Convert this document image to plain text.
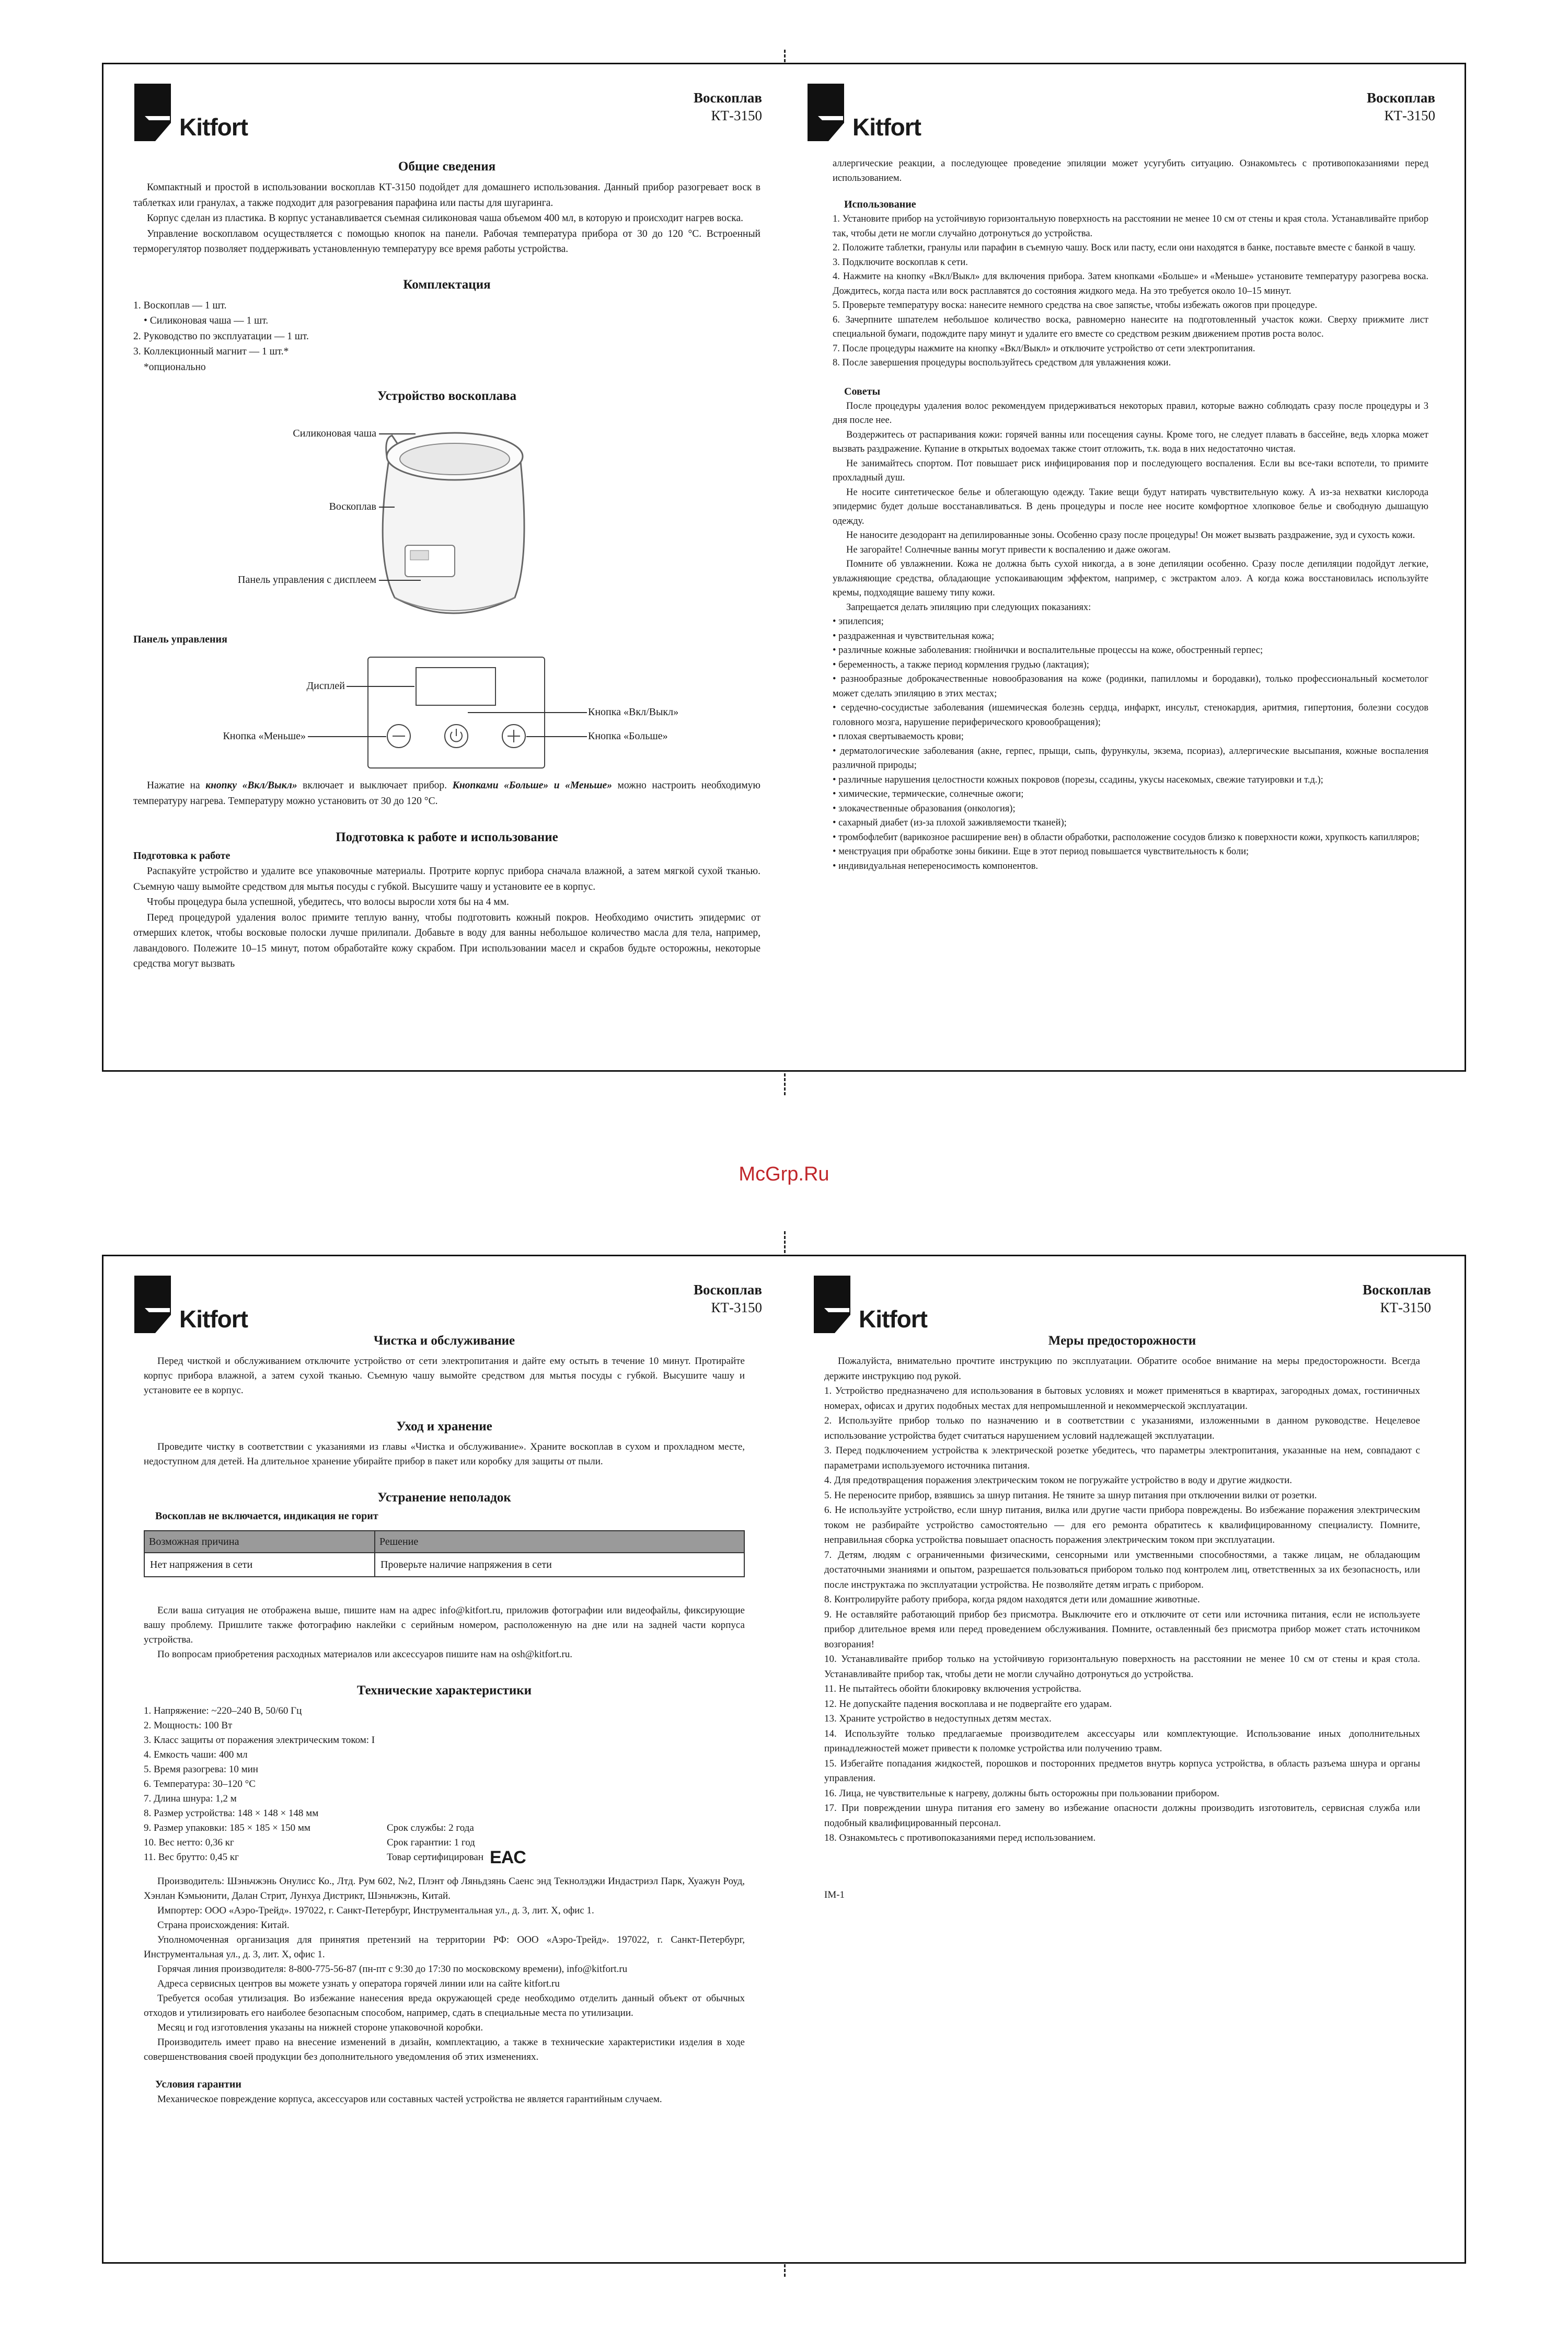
Kitfort
Воскоплав
КТ-3150
Общие сведения

Компактный и простой в использовании воскоплав КТ-3150 подойдет для домашнего использования. Данный прибор разогревает воск в таблетках или гранулах, а также подходит для разогревания парафина или пасты для шугаринга.

Корпус сделан из пластика. В корпус устанавливается съемная силиконовая чаша объемом 400 мл, в которую и происходит нагрев воска.

Управление воскоплавом осуществляется с помощью кнопок на панели. Рабочая температура прибора от 30 до 120 °С. Встроенный терморегулятор позволяет поддерживать установленную температуру все время работы устройства.

Комплектация
1. Воскоплав — 1 шт.
• Силиконовая чаша — 1 шт.
2. Руководство по эксплуатации — 1 шт.
3. Коллекционный магнит — 1 шт.*
*опционально
Устройство воскоплава
Силиконовая чаша
Воскоплав
Панель управления с дисплеем
Панель управления
Дисплей
Кнопка «Вкл/Выкл»
Кнопка «Меньше»	Кнопка «Больше»

Нажатие на кнопку «Вкл/Выкл» включает и выключает прибор. Кнопками «Больше» и «Меньше» можно настроить необходимую температуру нагрева. Температуру можно установить от 30 до 120 °С.

Подготовка к работе и использование
Подготовка к работе

Распакуйте устройство и удалите все упаковочные материалы. Протрите корпус прибора сначала влажной, а затем мягкой сухой тканью. Съемную чашу вымойте средством для мытья посуды с губкой. Высушите чашу и установите ее в корпус.

Чтобы процедура была успешной, убедитесь, что волосы выросли хотя бы на 4 мм.

Перед процедурой удаления волос примите теплую ванну, чтобы подготовить кожный покров. Необходимо очистить эпидермис от отмерших клеток, чтобы восковые полоски лучше прилипали. Добавьте в воду для ванны небольшое количество масла для тела, например, лавандового. Полежите 10–15 минут, потом обработайте кожу скрабом. При использовании масел и скрабов будьте осторожны, некоторые средства могут вызвать

Kitfort
Воскоплав
КТ-3150

аллергические реакции, а последующее проведение эпиляции может усугубить ситуацию. Ознакомьтесь с противопоказаниями перед использованием.

Использование
1. Установите прибор на устойчивую горизонтальную поверхность на расстоянии не менее 10 см от стены и края стола. Устанавливайте прибор так, чтобы дети не могли случайно дотронуться до устройства.
2. Положите таблетки, гранулы или парафин в съемную чашу. Воск или пасту, если они находятся в банке, поставьте вместе с банкой в чашу.
3. Подключите воскоплав к сети.
4. Нажмите на кнопку «Вкл/Выкл» для включения прибора. Затем кнопками «Больше» и «Меньше» установите температуру разогрева воска. Дождитесь, когда паста или воск расплавятся до состояния жидкого меда. На это требуется около 10–15 минут.
5. Проверьте температуру воска: нанесите немного средства на свое запястье, чтобы избежать ожогов при процедуре.
6. Зачерпните шпателем небольшое количество воска, равномерно нанесите на подготовленный участок кожи. Сверху прижмите лист специальной бумаги, подождите пару минут и удалите его вместе со средством резким движением против роста волос.
7. После процедуры нажмите на кнопку «Вкл/Выкл» и отключите устройство от сети электропитания.
8. После завершения процедуры воспользуйтесь средством для увлажнения кожи.
Советы

После процедуры удаления волос рекомендуем придерживаться некоторых правил, которые важно соблюдать сразу после процедуры и 3 дня после нее.

Воздержитесь от распаривания кожи: горячей ванны или посещения сауны. Кроме того, не следует плавать в бассейне, ведь хлорка может вызвать раздражение. Купание в открытых водоемах также стоит отложить, т.к. вода в них недостаточно чистая.

Не занимайтесь спортом. Пот повышает риск инфицирования пор и последующего воспаления. Если вы все-таки вспотели, то примите прохладный душ.

Не носите синтетическое белье и облегающую одежду. Такие вещи будут натирать чувствительную кожу. А из-за нехватки кислорода эпидермис будет дольше восстанавливаться. В день процедуры и после нее носите комфортное хлопковое белье и свободную дышащую одежду.

Не наносите дезодорант на депилированные зоны. Особенно сразу после процедуры! Он может вызвать раздражение, зуд и сухость кожи.

Не загорайте! Солнечные ванны могут привести к воспалению и даже ожогам.

Помните об увлажнении. Кожа не должна быть сухой никогда, а в зоне депиляции особенно. Сразу после депиляции подойдут легкие, увлажняющие средства, обладающие успокаивающим эффектом, например, с экстрактом алоэ. А когда кожа восстановилась используйте кремы, подходящие вашему типу кожи.

Запрещается делать эпиляцию при следующих показаниях:

• эпилепсия;
• раздраженная и чувствительная кожа;
• различные кожные заболевания: гнойнички и воспалительные процессы на коже, обостренный герпес;
• беременность, а также период кормления грудью (лактация);
• разнообразные доброкачественные новообразования на коже (родинки, папилломы и бородавки), только профессиональный косметолог может сделать эпиляцию в этих местах;
• сердечно-сосудистые заболевания (ишемическая болезнь сердца, инфаркт, инсульт, стенокардия, аритмия, гипертония, болезни сосудов головного мозга, нарушение периферического кровообращения);
• плохая свертываемость крови;
• дерматологические заболевания (акне, герпес, прыщи, сыпь, фурункулы, экзема, псориаз), аллергические высыпания, кожные воспаления различной природы;
• различные нарушения целостности кожных покровов (порезы, ссадины, укусы насекомых, свежие татуировки и т.д.);
• химические, термические, солнечные ожоги;
• злокачественные образования (онкология);
• сахарный диабет (из-за плохой заживляемости тканей);
• тромбофлебит (варикозное расширение вен) в области обработки, расположение сосудов близко к поверхности кожи, хрупкость капилляров;
• менструация при обработке зоны бикини. Еще в этот период повышается чувствительность к боли;
• индивидуальная непереносимость компонентов.
McGrp.Ru
Kitfort
Воскоплав
КТ-3150
Чистка и обслуживание

Перед чисткой и обслуживанием отключите устройство от сети электропитания и дайте ему остыть в течение 10 минут. Протирайте корпус прибора влажной, а затем сухой тканью. Съемную чашу вымойте средством для мытья посуды с губкой. Высушите чашу и установите ее в корпус.

Уход и хранение

Проведите чистку в соответствии с указаниями из главы «Чистка и обслуживание». Храните воскоплав в сухом и прохладном месте, недоступном для детей. На длительное хранение убирайте прибор в пакет или коробку для защиты от пыли.

Устранение неполадок
Воскоплав не включается, индикация не горит
Возможная причина	Решение
Нет напряжения в сети	Проверьте наличие напряжения в сети

Если ваша ситуация не отображена выше, пишите нам на адрес info@kitfort.ru, приложив фотографии или видеофайлы, фиксирующие вашу проблему. Пришлите также фотографию наклейки с серийным номером, расположенную на дне или на задней части корпуса устройства.

По вопросам приобретения расходных материалов или аксессуаров пишите нам на osh@kitfort.ru.

Технические характеристики
1. Напряжение: ~220–240 В, 50/60 Гц
2. Мощность: 100 Вт
3. Класс защиты от поражения электрическим током: I
4. Емкость чаши: 400 мл
5. Время разогрева: 10 мин
6. Температура: 30–120 °С
7. Длина шнура: 1,2 м
8. Размер устройства: 148 × 148 × 148 мм
9. Размер упаковки: 185 × 185 × 150 мм
10. Вес нетто: 0,36 кг
11. Вес брутто: 0,45 кг
Срок службы: 2 года
Срок гарантии: 1 год
Товар сертифицирован EAC

Производитель: Шэньчжэнь Онулисс Ко., Лтд. Рум 602, №2, Плэнт оф Ляньдзянь Саенс энд Текнолэджи Индастриэл Парк, Хуажун Роуд, Хэнлан Кэмьюнити, Далан Стрит, Лунхуа Дистрикт, Шэньчжэнь, Китай.

Импортер: ООО «Аэро-Трейд». 197022, г. Санкт-Петербург, Инструментальная ул., д. 3, лит. Х, офис 1.

Страна происхождения: Китай.

Уполномоченная организация для принятия претензий на территории РФ: ООО «Аэро-Трейд». 197022, г. Санкт-Петербург, Инструментальная ул., д. 3, лит. Х, офис 1.

Горячая линия производителя: 8-800-775-56-87 (пн-пт с 9:30 до 17:30 по московскому времени), info@kitfort.ru

Адреса сервисных центров вы можете узнать у оператора горячей линии или на сайте kitfort.ru

Требуется особая утилизация. Во избежание нанесения вреда окружающей среде необходимо отделить данный объект от обычных отходов и утилизировать его наиболее безопасным способом, например, сдать в специальные места по утилизации.

Месяц и год изготовления указаны на нижней стороне упаковочной коробки.

Производитель имеет право на внесение изменений в дизайн, комплектацию, а также в технические характеристики изделия в ходе совершенствования своей продукции без дополнительного уведомления об этих изменениях.

Условия гарантии

Механическое повреждение корпуса, аксессуаров или составных частей устройства не является гарантийным случаем.

Kitfort
Воскоплав
КТ-3150
Меры предосторожности

Пожалуйста, внимательно прочтите инструкцию по эксплуатации. Обратите особое внимание на меры предосторожности. Всегда держите инструкцию под рукой.

1. Устройство предназначено для использования в бытовых условиях и может применяться в квартирах, загородных домах, гостиничных номерах, офисах и других подобных местах для непромышленной и некоммерческой эксплуатации.
2. Используйте прибор только по назначению и в соответствии с указаниями, изложенными в данном руководстве. Нецелевое использование устройства будет считаться нарушением условий надлежащей эксплуатации.
3. Перед подключением устройства к электрической розетке убедитесь, что параметры электропитания, указанные на нем, совпадают с параметрами используемого источника питания.
4. Для предотвращения поражения электрическим током не погружайте устройство в воду и другие жидкости.
5. Не переносите прибор, взявшись за шнур питания. Не тяните за шнур питания при отключении вилки от розетки.
6. Не используйте устройство, если шнур питания, вилка или другие части прибора повреждены. Во избежание поражения электрическим током не разбирайте устройство самостоятельно — для его ремонта обратитесь к квалифицированному специалисту. Помните, неправильная сборка устройства повышает опасность поражения электрическим током при эксплуатации.
7. Детям, людям с ограниченными физическими, сенсорными или умственными способностями, а также лицам, не обладающим достаточными знаниями и опытом, разрешается пользоваться прибором только под контролем лиц, ответственных за их безопасность, или после инструктажа по эксплуатации устройства. Не позволяйте детям играть с прибором.
8. Контролируйте работу прибора, когда рядом находятся дети или домашние животные.
9. Не оставляйте работающий прибор без присмотра. Выключите его и отключите от сети или источника питания, если не используете прибор длительное время или перед проведением обслуживания. Помните, оставленный без присмотра прибор может стать источником возгорания!
10. Устанавливайте прибор только на устойчивую горизонтальную поверхность на расстоянии не менее 10 см от стены и края стола. Устанавливайте прибор так, чтобы дети не могли случайно дотронуться до устройства.
11. Не пытайтесь обойти блокировку включения устройства.
12. Не допускайте падения воскоплава и не подвергайте его ударам.
13. Храните устройство в недоступных детям местах.
14. Используйте только предлагаемые производителем аксессуары или комплектующие. Использование иных дополнительных принадлежностей может привести к поломке устройства или получению травм.
15. Избегайте попадания жидкостей, порошков и посторонних предметов внутрь корпуса устройства, в область разъема шнура и органы управления.
16. Лица, не чувствительные к нагреву, должны быть осторожны при пользовании прибором.
17. При повреждении шнура питания его замену во избежание опасности должны производить изготовитель, сервисная служба или подобный квалифицированный персонал.
18. Ознакомьтесь с противопоказаниями перед использованием.

IM-1
